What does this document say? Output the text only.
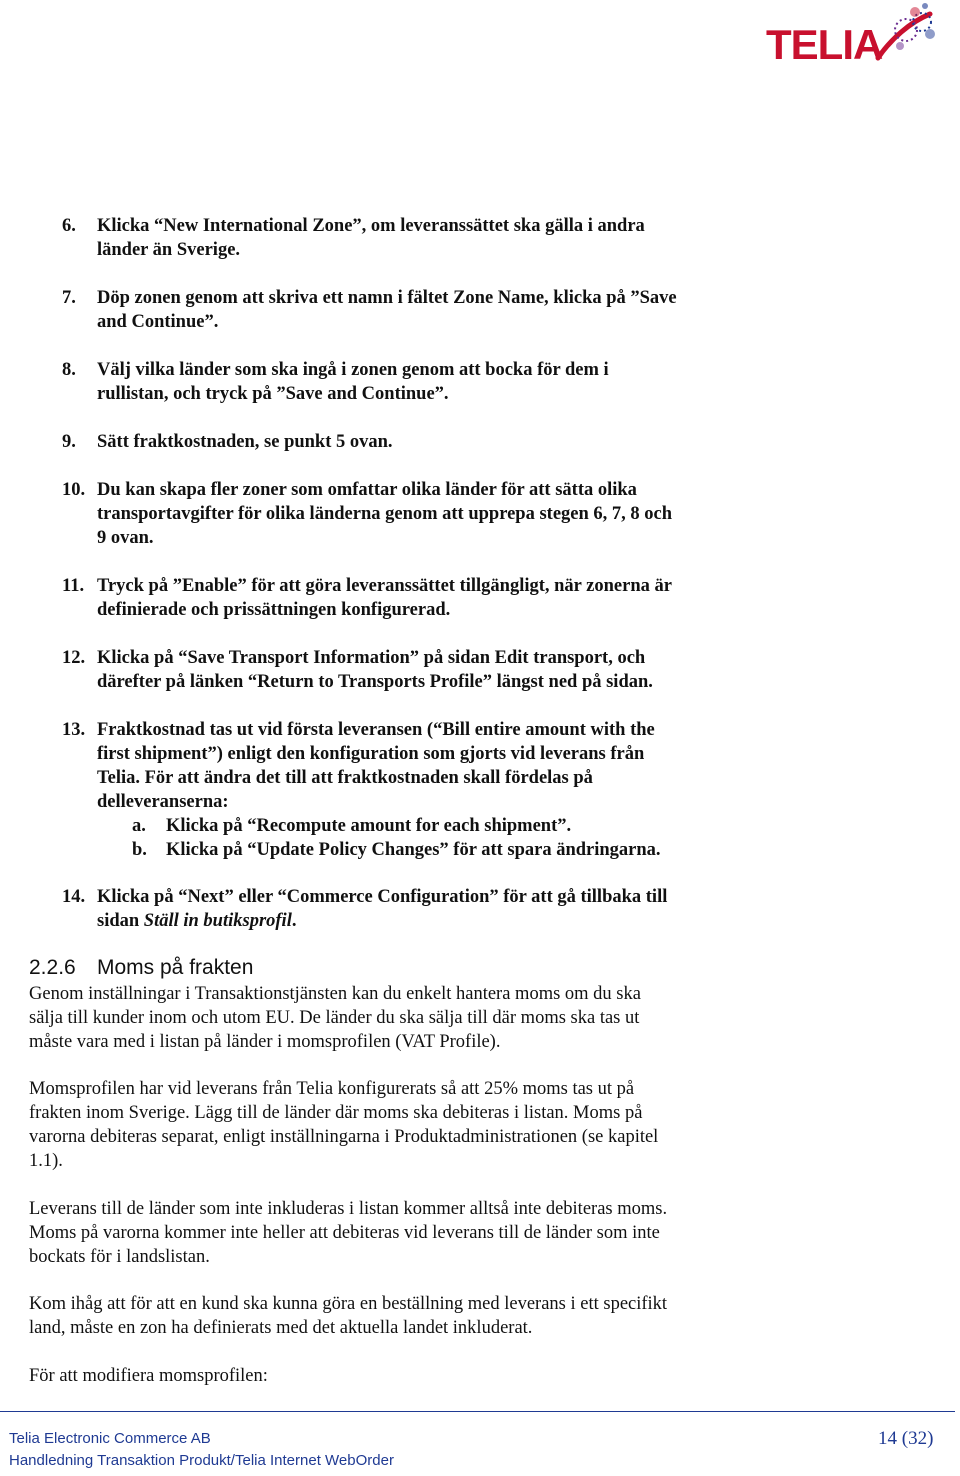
TELIA
6. Klicka “New International Zone”, om leveranssättet ska gälla i andra
länder än Sverige.
7. Döp zonen genom att skriva ett namn i fältet Zone Name, klicka på ”Save
and Continue”.
8. Välj vilka länder som ska ingå i zonen genom att bocka för dem i
rullistan, och tryck på ”Save and Continue”.
9. Sätt fraktkostnaden, se punkt 5 ovan.
10. Du kan skapa fler zoner som omfattar olika länder för att sätta olika
transportavgifter för olika länderna genom att upprepa stegen 6, 7, 8 och
9 ovan.
11. Tryck på ”Enable” för att göra leveranssättet tillgängligt, när zonerna är
definierade och prissättningen konfigurerad.
12. Klicka på “Save Transport Information” på sidan Edit transport, och
därefter på länken “Return to Transports Profile” längst ned på sidan.
13. Fraktkostnad tas ut vid första leveransen (“Bill entire amount with the
first shipment”) enligt den konfiguration som gjorts vid leverans från
Telia. För att ändra det till att fraktkostnaden skall fördelas på
delleveranserna:
a. Klicka på “Recompute amount for each shipment”.
b. Klicka på “Update Policy Changes” för att spara ändringarna.
14. Klicka på “Next” eller “Commerce Configuration” för att gå tillbaka till
sidan Ställ in butiksprofil.
2.2.6 Moms på frakten
Genom inställningar i Transaktionstjänsten kan du enkelt hantera moms om du ska
sälja till kunder inom och utom EU. De länder du ska sälja till där moms ska tas ut
måste vara med i listan på länder i momsprofilen (VAT Profile).
Momsprofilen har vid leverans från Telia konfigurerats så att 25% moms tas ut på
frakten inom Sverige. Lägg till de länder där moms ska debiteras i listan. Moms på
varorna debiteras separat, enligt inställningarna i Produktadministrationen (se kapitel
1.1).
Leverans till de länder som inte inkluderas i listan kommer alltså inte debiteras moms.
Moms på varorna kommer inte heller att debiteras vid leverans till de länder som inte
bockats för i landslistan.
Kom ihåg att för att en kund ska kunna göra en beställning med leverans i ett specifikt
land, måste en zon ha definierats med det aktuella landet inkluderat.
För att modifiera momsprofilen:
Telia Electronic Commerce AB
Handledning Transaktion Produkt/Telia Internet WebOrder
14 (32)
